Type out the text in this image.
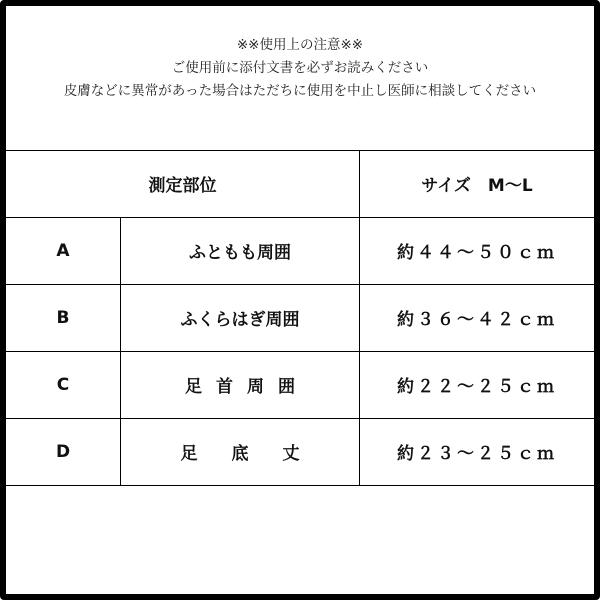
※※使用上の注意※※
ご使用前に添付文書を必ずお読みください
皮膚などに異常があった場合はただちに使用を中止し医師に相談してください
測定部位	サイズ　M〜L
A	ふともも周囲	約４４〜５０ｃｍ
B	ふくらはぎ周囲	約３６〜４２ｃｍ
C	足首周囲	約２２〜２５ｃｍ
D	足底丈	約２３〜２５ｃｍ
